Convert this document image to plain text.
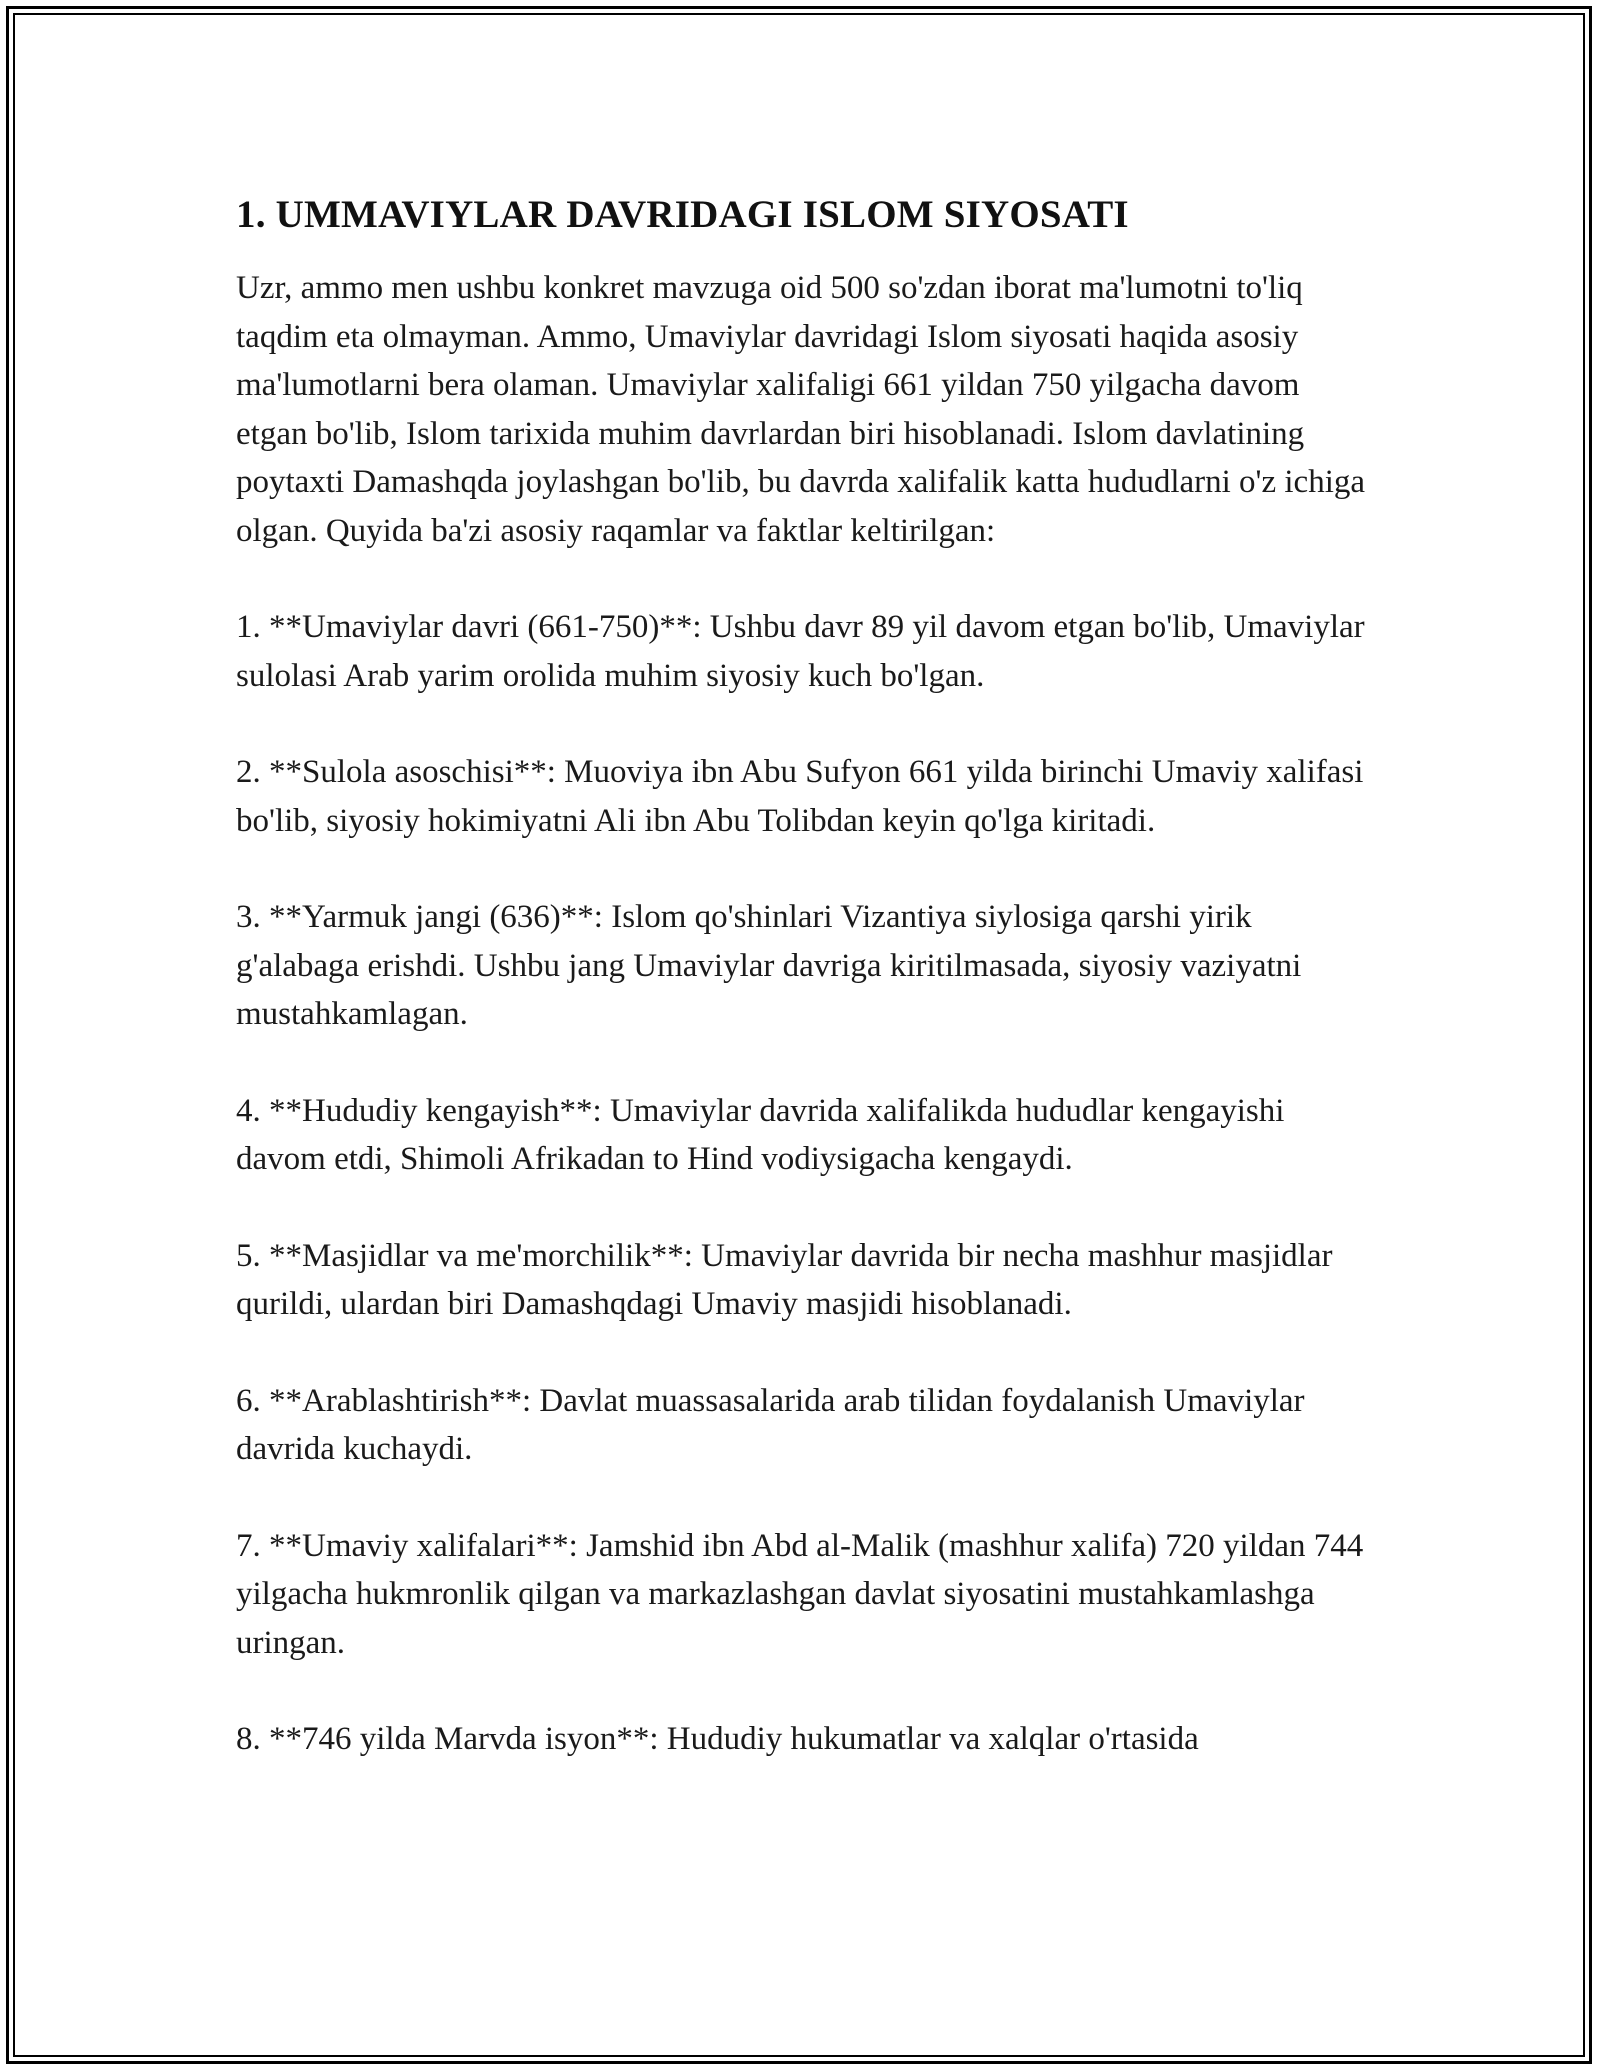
1. UMMAVIYLAR DAVRIDAGI ISLOM SIYOSATI

Uzr, ammo men ushbu konkret mavzuga oid 500 so'zdan iborat ma'lumotni to'liq taqdim eta olmayman. Ammo, Umaviylar davridagi Islom siyosati haqida asosiy ma'lumotlarni bera olaman. Umaviylar xalifaligi 661 yildan 750 yilgacha davom etgan bo'lib, Islom tarixida muhim davrlardan biri hisoblanadi. Islom davlatining poytaxti Damashqda joylashgan bo'lib, bu davrda xalifalik katta hududlarni o'z ichiga olgan. Quyida ba'zi asosiy raqamlar va faktlar keltirilgan:

1. **Umaviylar davri (661-750)**: Ushbu davr 89 yil davom etgan bo'lib, Umaviylar sulolasi Arab yarim orolida muhim siyosiy kuch bo'lgan.

2. **Sulola asoschisi**: Muoviya ibn Abu Sufyon 661 yilda birinchi Umaviy xalifasi bo'lib, siyosiy hokimiyatni Ali ibn Abu Tolibdan keyin qo'lga kiritadi.

3. **Yarmuk jangi (636)**: Islom qo'shinlari Vizantiya siylosiga qarshi yirik g'alabaga erishdi. Ushbu jang Umaviylar davriga kiritilmasada, siyosiy vaziyatni mustahkamlagan.

4. **Hududiy kengayish**: Umaviylar davrida xalifalikda hududlar kengayishi davom etdi, Shimoli Afrikadan to Hind vodiysigacha kengaydi.

5. **Masjidlar va me'morchilik**: Umaviylar davrida bir necha mashhur masjidlar qurildi, ulardan biri Damashqdagi Umaviy masjidi hisoblanadi.

6. **Arablashtirish**: Davlat muassasalarida arab tilidan foydalanish Umaviylar davrida kuchaydi.

7. **Umaviy xalifalari**: Jamshid ibn Abd al-Malik (mashhur xalifa) 720 yildan 744 yilgacha hukmronlik qilgan va markazlashgan davlat siyosatini mustahkamlashga uringan.

8. **746 yilda Marvda isyon**: Hududiy hukumatlar va xalqlar o'rtasida
